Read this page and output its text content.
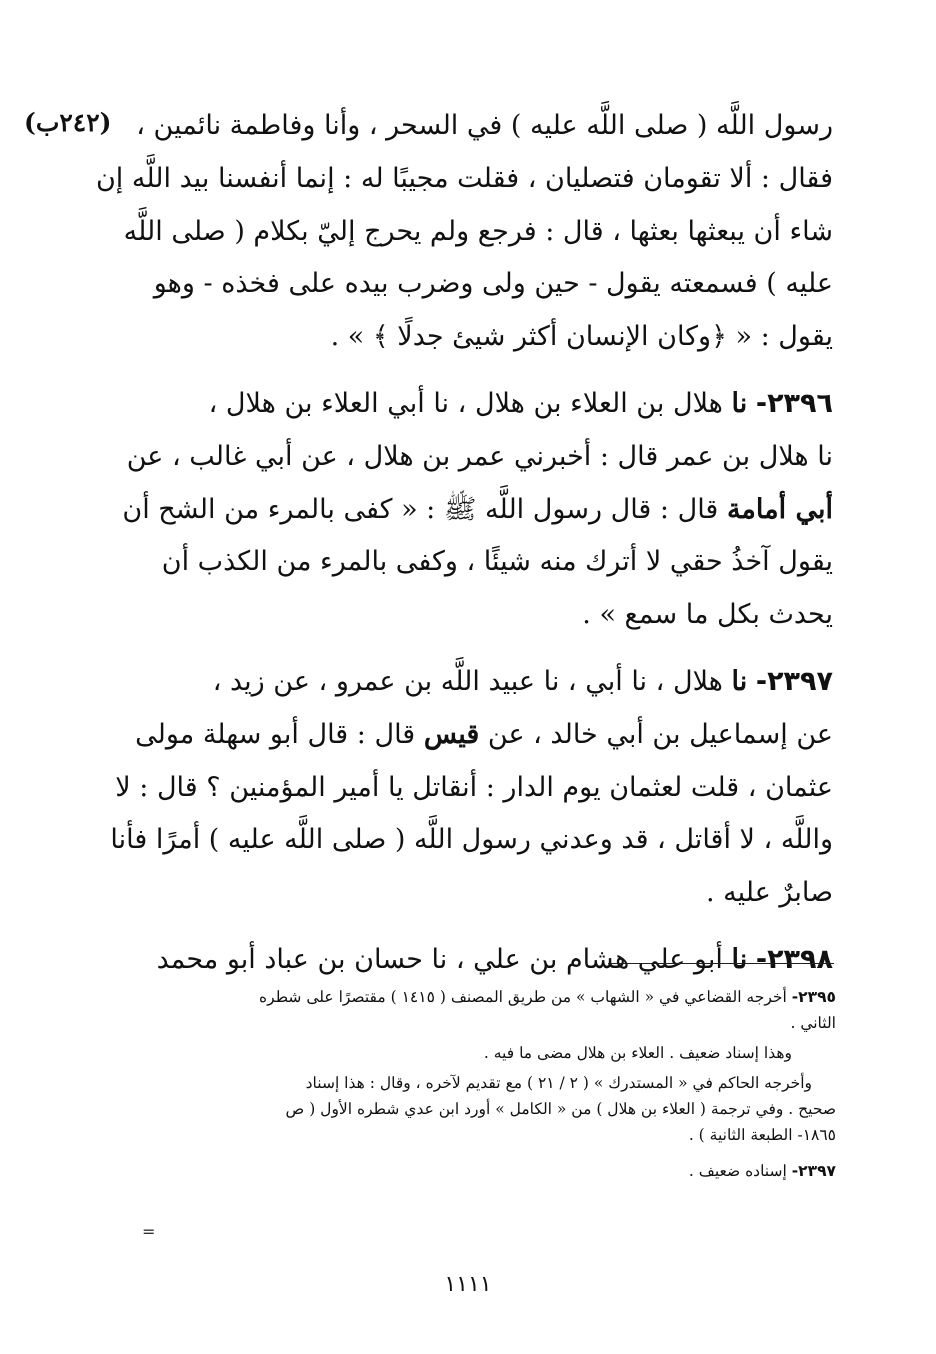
(٢٤٢ب) رسول اللَّه ( صلى اللَّه عليه ) في السحر ، وأنا وفاطمة نائمين ،
فقال : ألا تقومان فتصليان ، فقلت مجيبًا له : إنما أنفسنا بيد اللَّه إن
شاء أن يبعثها بعثها ، قال : فرجع ولم يحرج إليّ بكلام ( صلى اللَّه
عليه ) فسمعته يقول - حين ولى وضرب بيده على فخذه - وهو
يقول : « ﴿وكان الإنسان أكثر شيئ جدلًا ﴾ » .

٢٣٩٦- نا هلال بن العلاء بن هلال ، نا أبي العلاء بن هلال ،
نا هلال بن عمر قال : أخبرني عمر بن هلال ، عن أبي غالب ، عن
أبي أمامة قال : قال رسول اللَّه ﷺ : « كفى بالمرء من الشح أن
يقول آخذُ حقي لا أترك منه شيئًا ، وكفى بالمرء من الكذب أن
يحدث بكل ما سمع » .

٢٣٩٧- نا هلال ، نا أبي ، نا عبيد اللَّه بن عمرو ، عن زيد ،
عن إسماعيل بن أبي خالد ، عن قيس قال : قال أبو سهلة مولى
عثمان ، قلت لعثمان يوم الدار : أنقاتل يا أمير المؤمنين ؟ قال : لا
واللَّه ، لا أقاتل ، قد وعدني رسول اللَّه ( صلى اللَّه عليه ) أمرًا فأنا
صابرٌ عليه .

٢٣٩٨- نا أبو علي هشام بن علي ، نا حسان بن عباد أبو محمد

٢٣٩٥- أخرجه القضاعي في « الشهاب » من طريق المصنف ( ١٤١٥ ) مقتصرًا على شطره
الثاني .

وهذا إسناد ضعيف . العلاء بن هلال مضى ما فيه .

وأخرجه الحاكم في « المستدرك » ( ٢ / ٢١ ) مع تقديم لآخره ، وقال : هذا إسناد
صحيح . وفي ترجمة ( العلاء بن هلال ) من « الكامل » أورد ابن عدي شطره الأول ( ص
١٨٦٥- الطبعة الثانية ) .

٢٣٩٧- إسناده ضعيف .

=
١١١١
